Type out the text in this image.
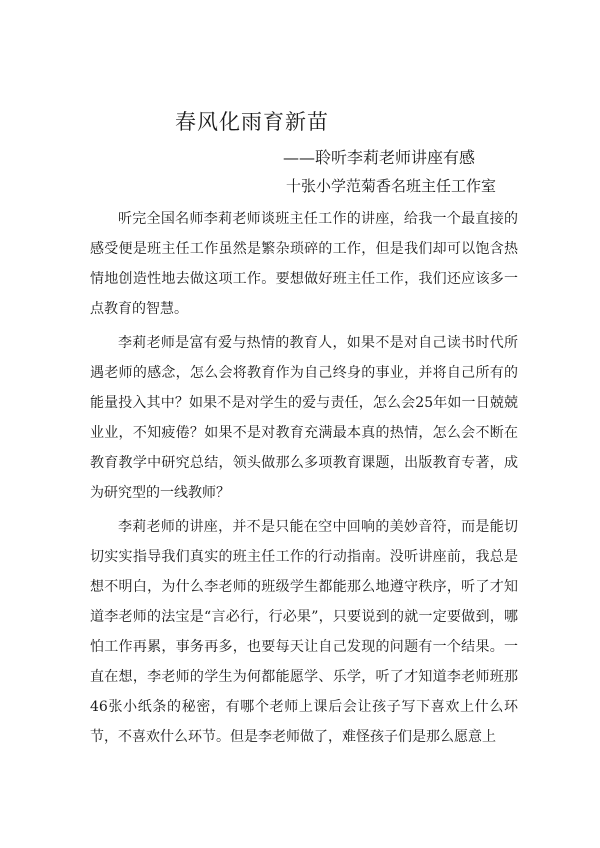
春风化雨育新苗
——聆听李莉老师讲座有感
十张小学范菊香名班主任工作室

听完全国名师李莉老师谈班主任工作的讲座，给我一个最直接的感受便是班主任工作虽然是繁杂琐碎的工作，但是我们却可以饱含热情地创造性地去做这项工作。要想做好班主任工作，我们还应该多一点教育的智慧。

李莉老师是富有爱与热情的教育人，如果不是对自己读书时代所遇老师的感念，怎么会将教育作为自己终身的事业，并将自己所有的能量投入其中？如果不是对学生的爱与责任，怎么会25年如一日兢兢业业，不知疲倦？如果不是对教育充满最本真的热情，怎么会不断在教育教学中研究总结，领头做那么多项教育课题，出版教育专著，成为研究型的一线教师？

李莉老师的讲座，并不是只能在空中回响的美妙音符，而是能切切实实指导我们真实的班主任工作的行动指南。没听讲座前，我总是想不明白，为什么李老师的班级学生都能那么地遵守秩序，听了才知道李老师的法宝是“言必行，行必果”，只要说到的就一定要做到，哪怕工作再累，事务再多，也要每天让自己发现的问题有一个结果。一直在想，李老师的学生为何都能愿学、乐学，听了才知道李老师班那46张小纸条的秘密，有哪个老师上课后会让孩子写下喜欢上什么环节，不喜欢什么环节。但是李老师做了，难怪孩子们是那么愿意上
